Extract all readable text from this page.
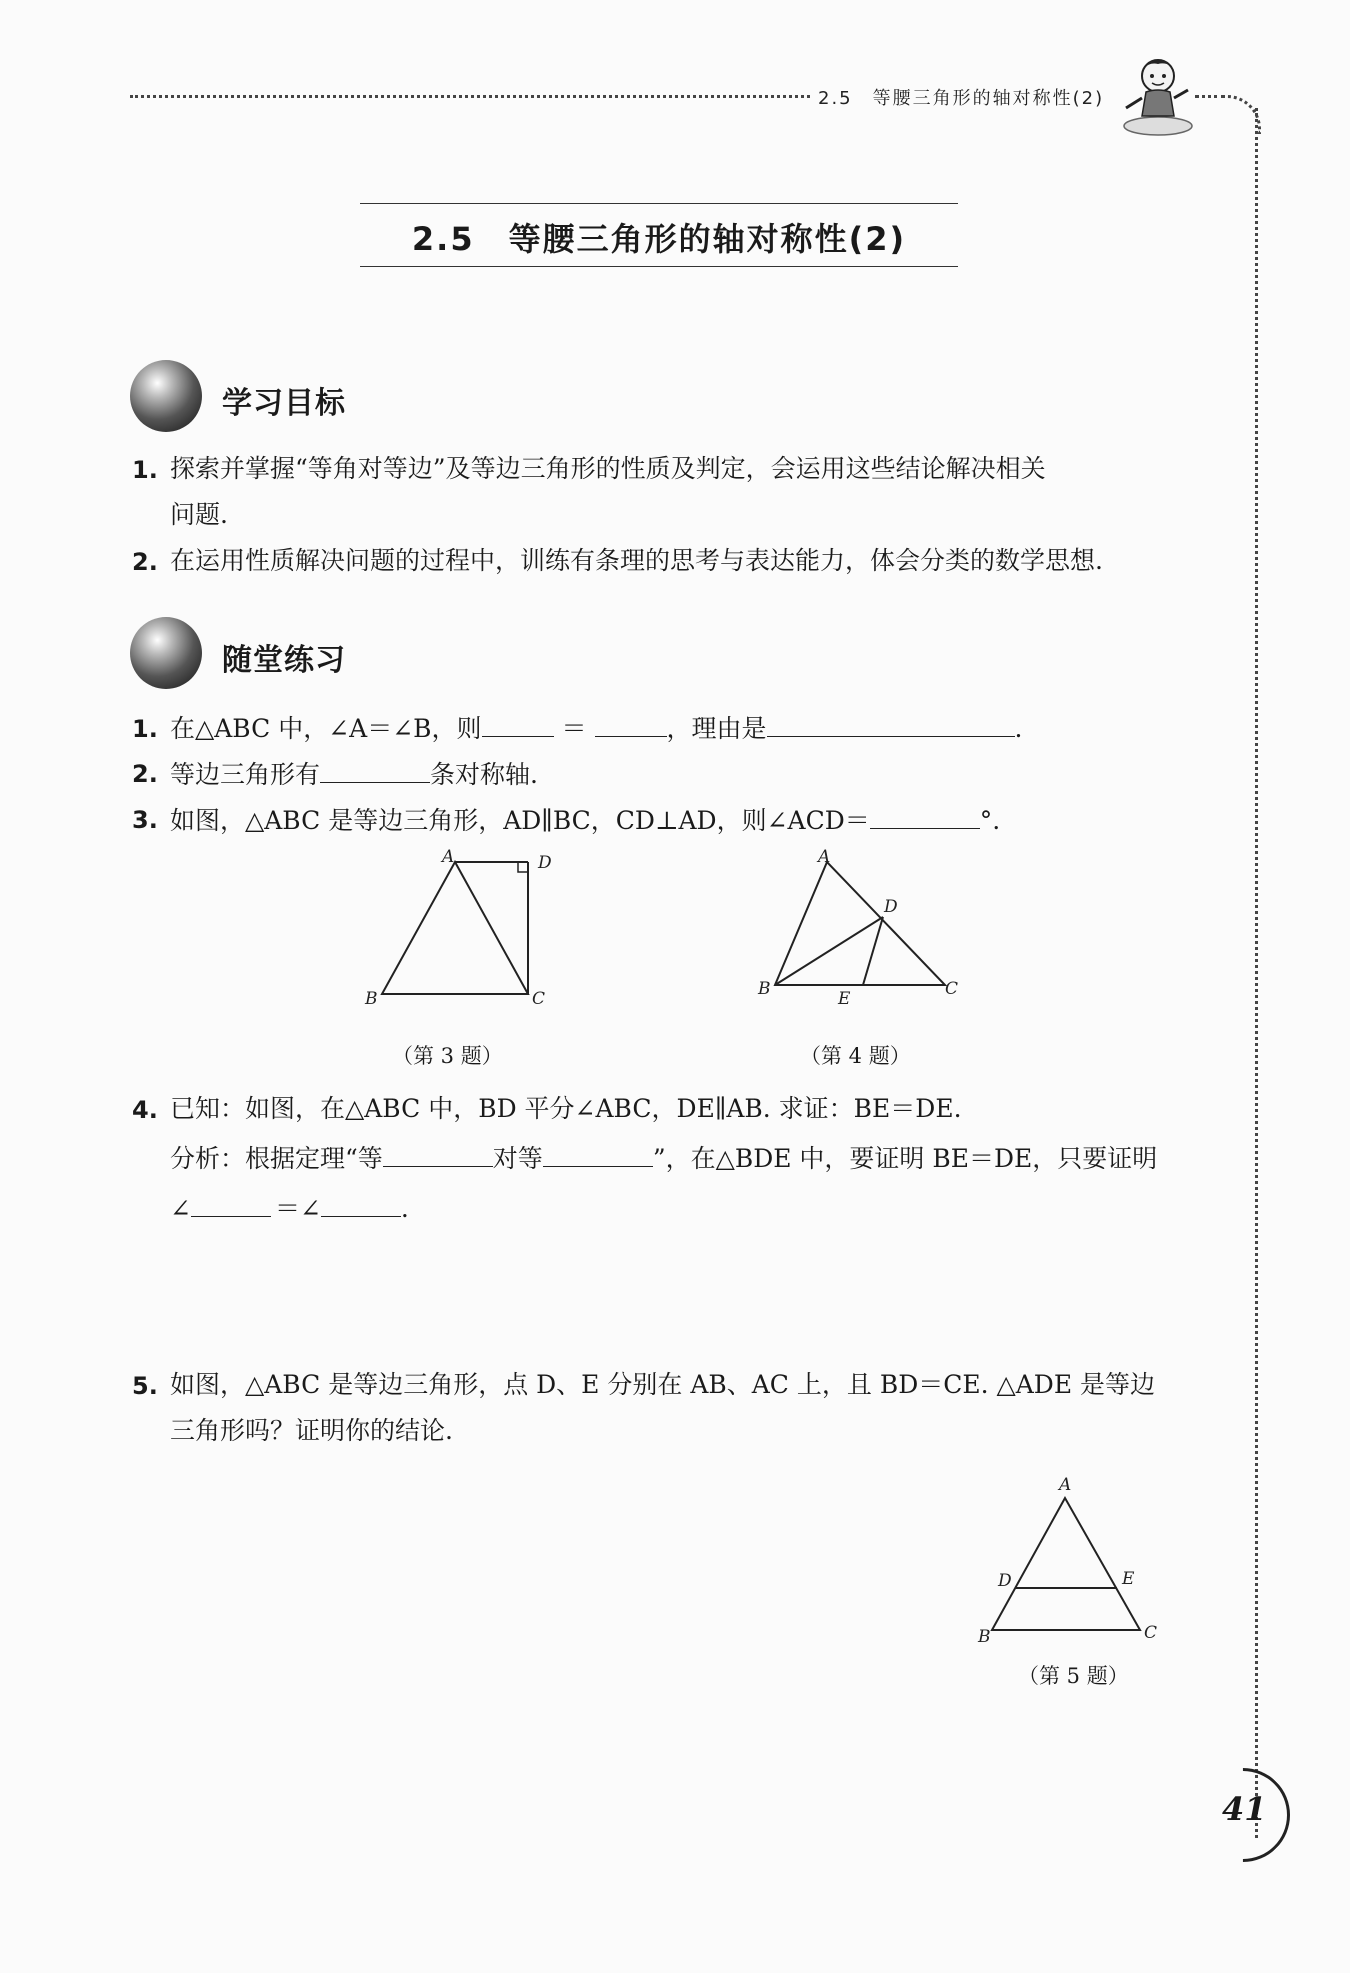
2.5　等腰三角形的轴对称性(2)
2.5 等腰三角形的轴对称性(2)
学习目标
1. 探索并掌握“等角对等边”及等边三角形的性质及判定，会运用这些结论解决相关
问题.
2. 在运用性质解决问题的过程中，训练有条理的思考与表达能力，体会分类的数学思想.
随堂练习
1. 在△ABC 中，∠A＝∠B，则	＝	，理由是	.
2. 等边三角形有	条对称轴.
3. 如图，△ABC 是等边三角形，AD∥BC，CD⊥AD，则∠ACD＝	°.
A	D
B	C
（第 3 题）
A
D
B	E	C
（第 4 题）
4. 已知：如图，在△ABC 中，BD 平分∠ABC，DE∥AB. 求证：BE＝DE.
分析：根据定理“等	对等	”，在△BDE 中，要证明 BE＝DE，只要证明
∠	＝∠	.
5. 如图，△ABC 是等边三角形，点 D、E 分别在 AB、AC 上，且 BD＝CE. △ADE 是等边
三角形吗？证明你的结论.
A
D	E
B	C
（第 5 题）
41
